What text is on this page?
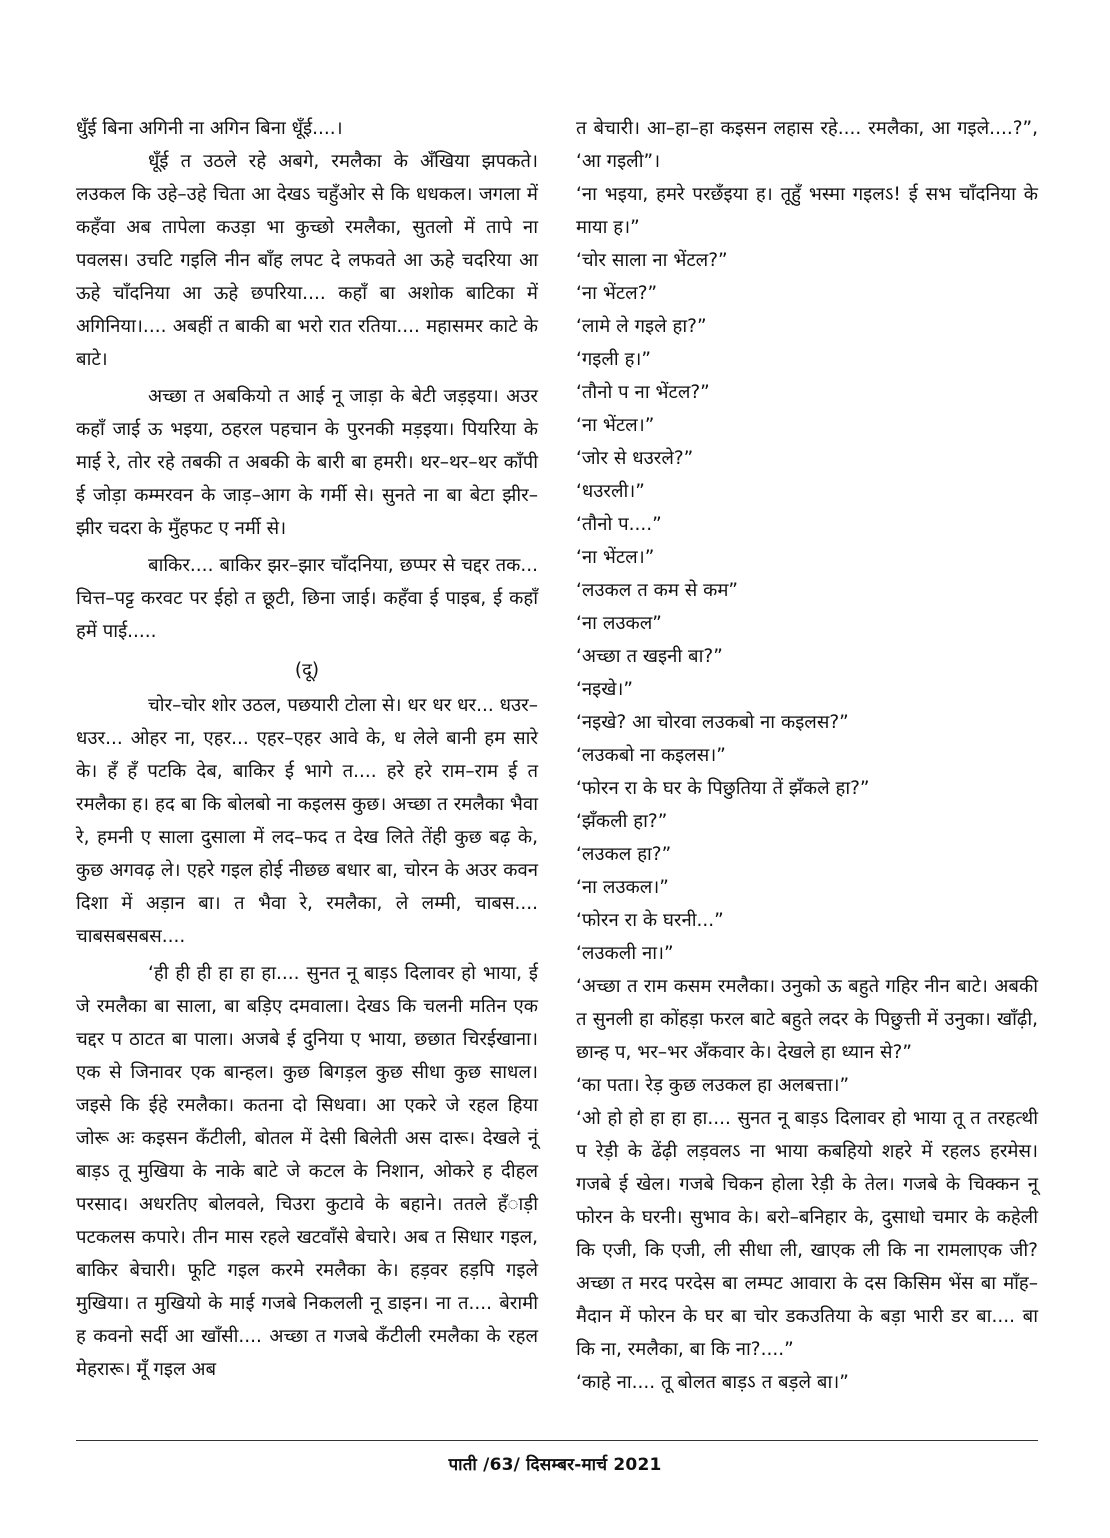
धुँई बिना अगिनी ना अगिन बिना धूँई....।

धूँई त उठले रहे अबगे, रमलैका के अँखिया झपकते। लउकल कि उहे–उहे चिता आ देखऽ चहुँओर से कि धधकल। जगला में कहँवा अब तापेला कउड़ा भा कुच्छो रमलैका, सुतलो में तापे ना पवलस। उचटि गइलि नीन बाँह लपट दे लफवते आ ऊहे चदरिया आ ऊहे चाँदनिया आ ऊहे छपरिया.... कहाँ बा अशोक बाटिका में अगिनिया।.... अबहीं त बाकी बा भरो रात रतिया.... महासमर काटे के बाटे।

अच्छा त अबकियो त आई नू जाड़ा के बेटी जड़इया। अउर कहाँ जाई ऊ भइया, ठहरल पहचान के पुरनकी मड़इया। पियरिया के माई रे, तोर रहे तबकी त अबकी के बारी बा हमरी। थर–थर–थर काँपी ई जोड़ा कम्मरवन के जाड़–आग के गर्मी से। सुनते ना बा बेटा झीर–झीर चदरा के मुँहफट ए नर्मी से।

बाकिर.... बाकिर झर–झार चाँदनिया, छप्पर से चद्दर तक... चित्त–पट्ट करवट पर ईहो त छूटी, छिना जाई। कहँवा ई पाइब, ई कहाँ हमें पाई.....

(दू)

चोर–चोर शोर उठल, पछयारी टोला से। धर धर धर... धउर–धउर... ओहर ना, एहर... एहर–एहर आवे के, ध लेले बानी हम सारे के। हँ हँ पटकि देब, बाकिर ई भागे त.... हरे हरे राम–राम ई त रमलैका ह। हद बा कि बोलबो ना कइलस कुछ। अच्छा त रमलैका भैवा रे, हमनी ए साला दुसाला में लद–फद त देख लिते तेंही कुछ बढ़ के, कुछ अगवढ़ ले। एहरे गइल होई नीछछ बधार बा, चोरन के अउर कवन दिशा में अड़ान बा। त भैवा रे, रमलैका, ले लम्मी, चाबस.... चाबसबसबस....

‘ही ही ही हा हा हा.... सुनत नू बाड़ऽ दिलावर हो भाया, ई जे रमलैका बा साला, बा बड़िए दमवाला। देखऽ कि चलनी मतिन एक चद्दर प ठाटत बा पाला। अजबे ई दुनिया ए भाया, छछात चिरईखाना। एक से जिनावर एक बान्हल। कुछ बिगड़ल कुछ सीधा कुछ साधल। जइसे कि ईहे रमलैका। कतना दो सिधवा। आ एकरे जे रहल हिया जोरू अः कइसन कँटीली, बोतल में देसी बिलेती अस दारू। देखले नूं बाड़ऽ तू मुखिया के नाके बाटे जे कटल के निशान, ओकरे ह दीहल परसाद। अधरतिए बोलवले, चिउरा कुटावे के बहाने। ततले हँाड़ी पटकलस कपारे। तीन मास रहले खटवाँसे बेचारे। अब त सिधार गइल, बाकिर बेचारी। फूटि गइल करमे रमलैका के। हड़वर हड़पि गइले मुखिया। त मुखियो के माई गजबे निकलली नू डाइन। ना त.... बेरामी ह कवनो सर्दी आ खाँसी.... अच्छा त गजबे कँटीली रमलैका के रहल मेहरारू। मूँ गइल अब

त बेचारी। आ–हा–हा कइसन लहास रहे.... रमलैका, आ गइले....?”, ‘आ गइली”।

‘ना भइया, हमरे परछँइया ह। तूहुँ भस्मा गइलऽ! ई सभ चाँदनिया के माया ह।”

‘चोर साला ना भेंटल?”

‘ना भेंटल?”

‘लामे ले गइले हा?”

‘गइली ह।”

‘तौनो प ना भेंटल?”

‘ना भेंटल।”

‘जोर से धउरले?”

‘धउरली।”

‘तौनो प....”

‘ना भेंटल।”

‘लउकल त कम से कम”

‘ना लउकल”

‘अच्छा त खइनी बा?”

‘नइखे।”

‘नइखे? आ चोरवा लउकबो ना कइलस?”

‘लउकबो ना कइलस।”

‘फोरन रा के घर के पिछुतिया तें झँकले हा?”

‘झँकली हा?”

‘लउकल हा?”

‘ना लउकल।”

‘फोरन रा के घरनी...”

‘लउकली ना।”

‘अच्छा त राम कसम रमलैका। उनुको ऊ बहुते गहिर नीन बाटे। अबकी त सुनली हा कोंहड़ा फरल बाटे बहुते लदर के पिछुत्ती में उनुका। खाँढ़ी, छान्ह प, भर–भर अँकवार के। देखले हा ध्यान से?”

‘का पता। रेड़ कुछ लउकल हा अलबत्ता।”

‘ओ हो हो हा हा हा.... सुनत नू बाड़ऽ दिलावर हो भाया तू त तरहत्थी प रेड़ी के ढेंढ़ी लड़वलऽ ना भाया कबहियो शहरे में रहलऽ हरमेस। गजबे ई खेल। गजबे चिकन होला रेड़ी के तेल। गजबे के चिक्कन नू फोरन के घरनी। सुभाव के। बरो–बनिहार के, दुसाधो चमार के कहेली कि एजी, कि एजी, ली सीधा ली, खाएक ली कि ना रामलाएक जी? अच्छा त मरद परदेस बा लम्पट आवारा के दस किसिम भेंस बा माँह–मैदान में फोरन के घर बा चोर डकउतिया के बड़ा भारी डर बा.... बा कि ना, रमलैका, बा कि ना?....”

‘काहे ना.... तू बोलत बाड़ऽ त बड़ले बा।”

पाती /63/ दिसम्बर-मार्च 2021
